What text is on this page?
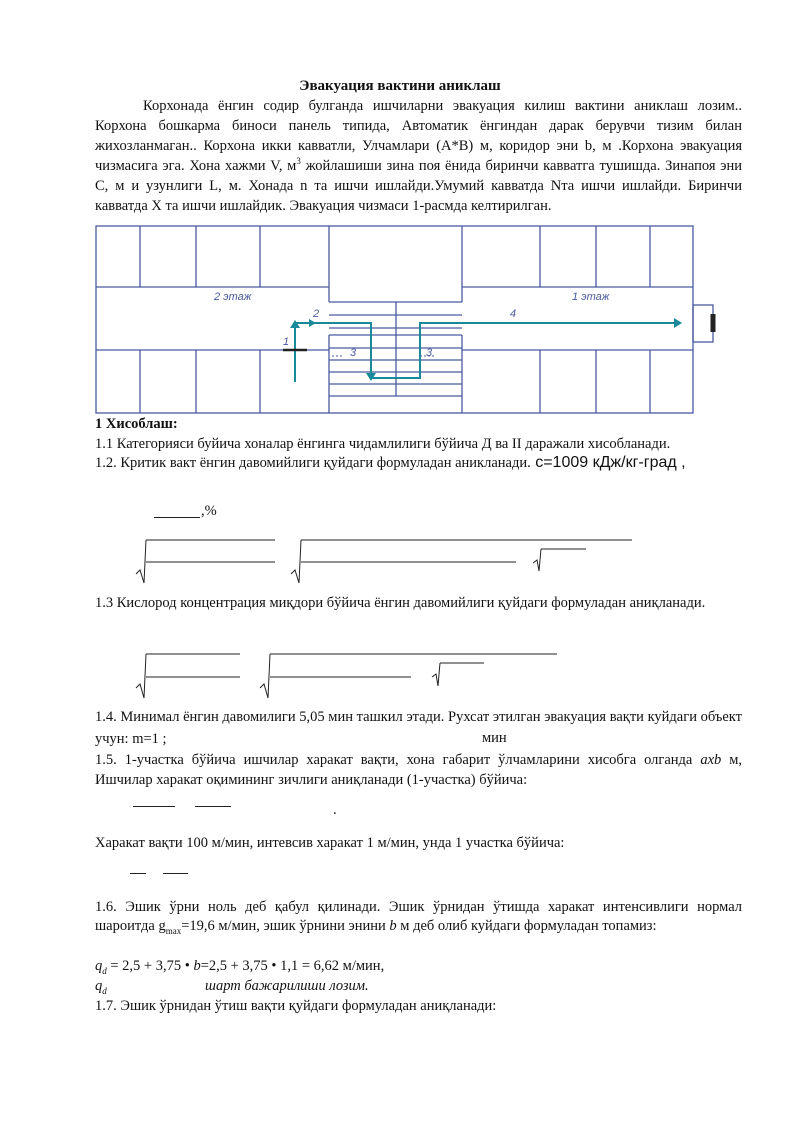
Эвакуация вактини аниклаш

Корхонада ёнгин содир булганда ишчиларни эвакуация килиш вактини аниклаш лозим.. Корхона бошкарма биноси панель типида, Автоматик ёнгиндан дарак берувчи тизим билан жихозланмаган.. Корхона икки кавватли, Улчамлари (А*В) м, коридор эни b, м .Корхона эвакуация чизмасига эга. Хона хажми V, $м^3$ жойлашиши зина поя ёнида биринчи кавватга тушишда. Зинапоя эни С, м и узунлиги L, м. Хонада n та ишчи ишлайди.Умумий кавватда Nта ишчи ишлайди. Биринчи кавватда Х та ишчи ишлайдик. Эвакуация чизмаси 1-расмда келтирилган.

2 этаж	1 этаж
1
2
3	3
4
1 Хисоблаш:
1.1 Категорияси буйича хоналар ёнгинга чидамлилиги бўйича Д ва II даражали хисобланади.
1.2. Критик вакт ёнгин давомийлиги қуйдаги формуладан аникланади. с=1009 кДж/кг-град ,
,%
1.3 Кислород концентрация миқдори бўйича ёнгин давомийлиги қуйдаги формуладан аниқланади.
1.4. Минимал ёнгин давомилиги 5,05 мин ташкил этади. Рухсат этилган эвакуация вақти куйдаги объект учун: m=1 ;	мин
1.5. 1-участка бўйича ишчилар харакат вақти, хона габарит ўлчамларини хисобга олганда axb м, Ишчилар харакат оқимининг зичлиги аниқланади (1-участка) бўйича:
.
Харакат вақти 100 м/мин, интевсив харакат 1 м/мин, унда 1 участка бўйича:
1.6. Эшик ўрни ноль деб қабул қилинади. Эшик ўрнидан ўтишда харакат интенсивлиги нормал шароитда $g_{max}=19,6$ м/мин, эшик ўрнини энини b м деб олиб куйдаги формуладан топамиз:
$q_d = 2,5 + 3,75$ • b=2,5 + 3,75 • 1,1 = 6,62 м/мин,
$q_d$	шарт бажарилиши лозим.
1.7. Эшик ўрнидан ўтиш вақти қуйдаги формуладан аниқланади:
